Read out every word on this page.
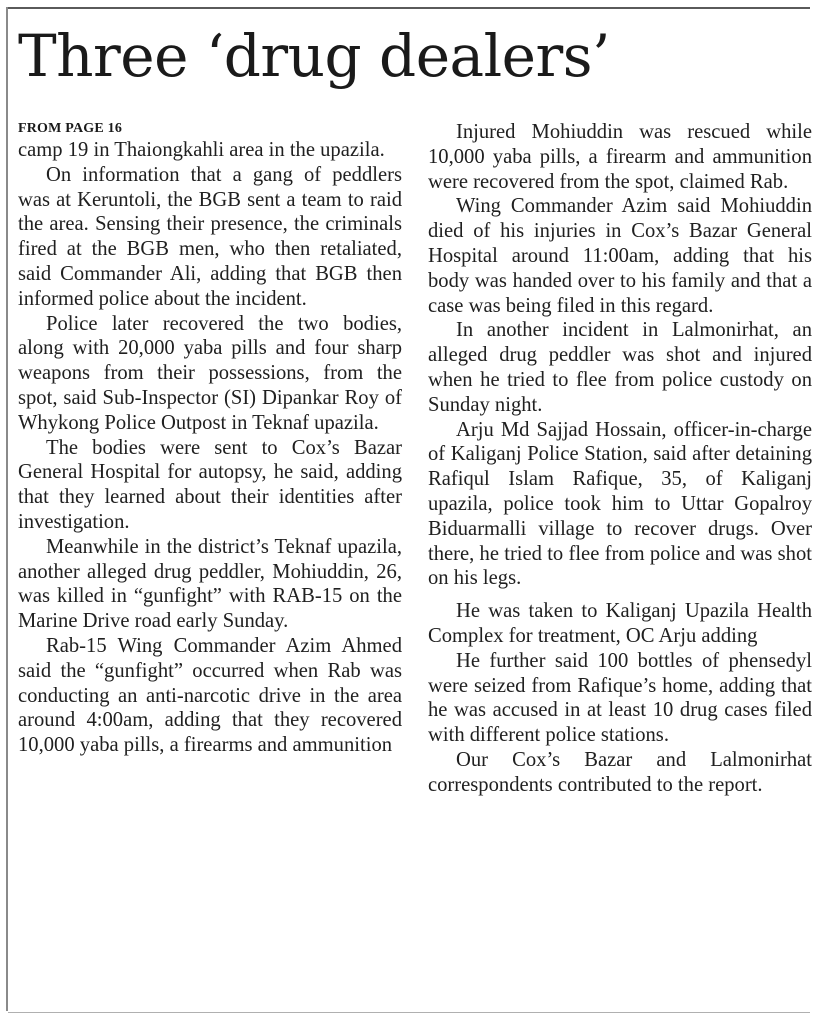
Three ‘drug dealers’
FROM PAGE 16

camp 19 in Thaiongkahli area in the upazila.

On information that a gang of peddlers was at Keruntoli, the BGB sent a team to raid the area. Sensing their presence, the criminals fired at the BGB men, who then retaliated, said Commander Ali, adding that BGB then informed police about the incident.

Police later recovered the two bodies, along with 20,000 yaba pills and four sharp weapons from their possessions, from the spot, said Sub-Inspector (SI) Dipankar Roy of Whykong Police Outpost in Teknaf upazila.

The bodies were sent to Cox’s Bazar General Hospital for autopsy, he said, adding that they learned about their identities after investigation.

Meanwhile in the district’s Teknaf upazila, another alleged drug peddler, Mohiuddin, 26, was killed in “gunfight” with RAB-15 on the Marine Drive road early Sunday.

Rab-15 Wing Commander Azim Ahmed said the “gunfight” occurred when Rab was conducting an anti-narcotic drive in the area around 4:00am, adding that they recovered 10,000 yaba pills, a firearms and ammunition

Injured Mohiuddin was rescued while 10,000 yaba pills, a firearm and ammunition were recovered from the spot, claimed Rab.

Wing Commander Azim said Mohiuddin died of his injuries in Cox’s Bazar General Hospital around 11:00am, adding that his body was handed over to his family and that a case was being filed in this regard.

In another incident in Lalmonirhat, an alleged drug peddler was shot and injured when he tried to flee from police custody on Sunday night.

Arju Md Sajjad Hossain, officer-in-charge of Kaliganj Police Station, said after detaining Rafiqul Islam Rafique, 35, of Kaliganj upazila, police took him to Uttar Gopalroy Biduarmalli village to recover drugs. Over there, he tried to flee from police and was shot on his legs.

He was taken to Kaliganj Upazila Health Complex for treatment, OC Arju adding

He further said 100 bottles of phensedyl were seized from Rafique’s home, adding that he was accused in at least 10 drug cases filed with different police stations.

Our Cox’s Bazar and Lalmonirhat correspondents contributed to the report.
